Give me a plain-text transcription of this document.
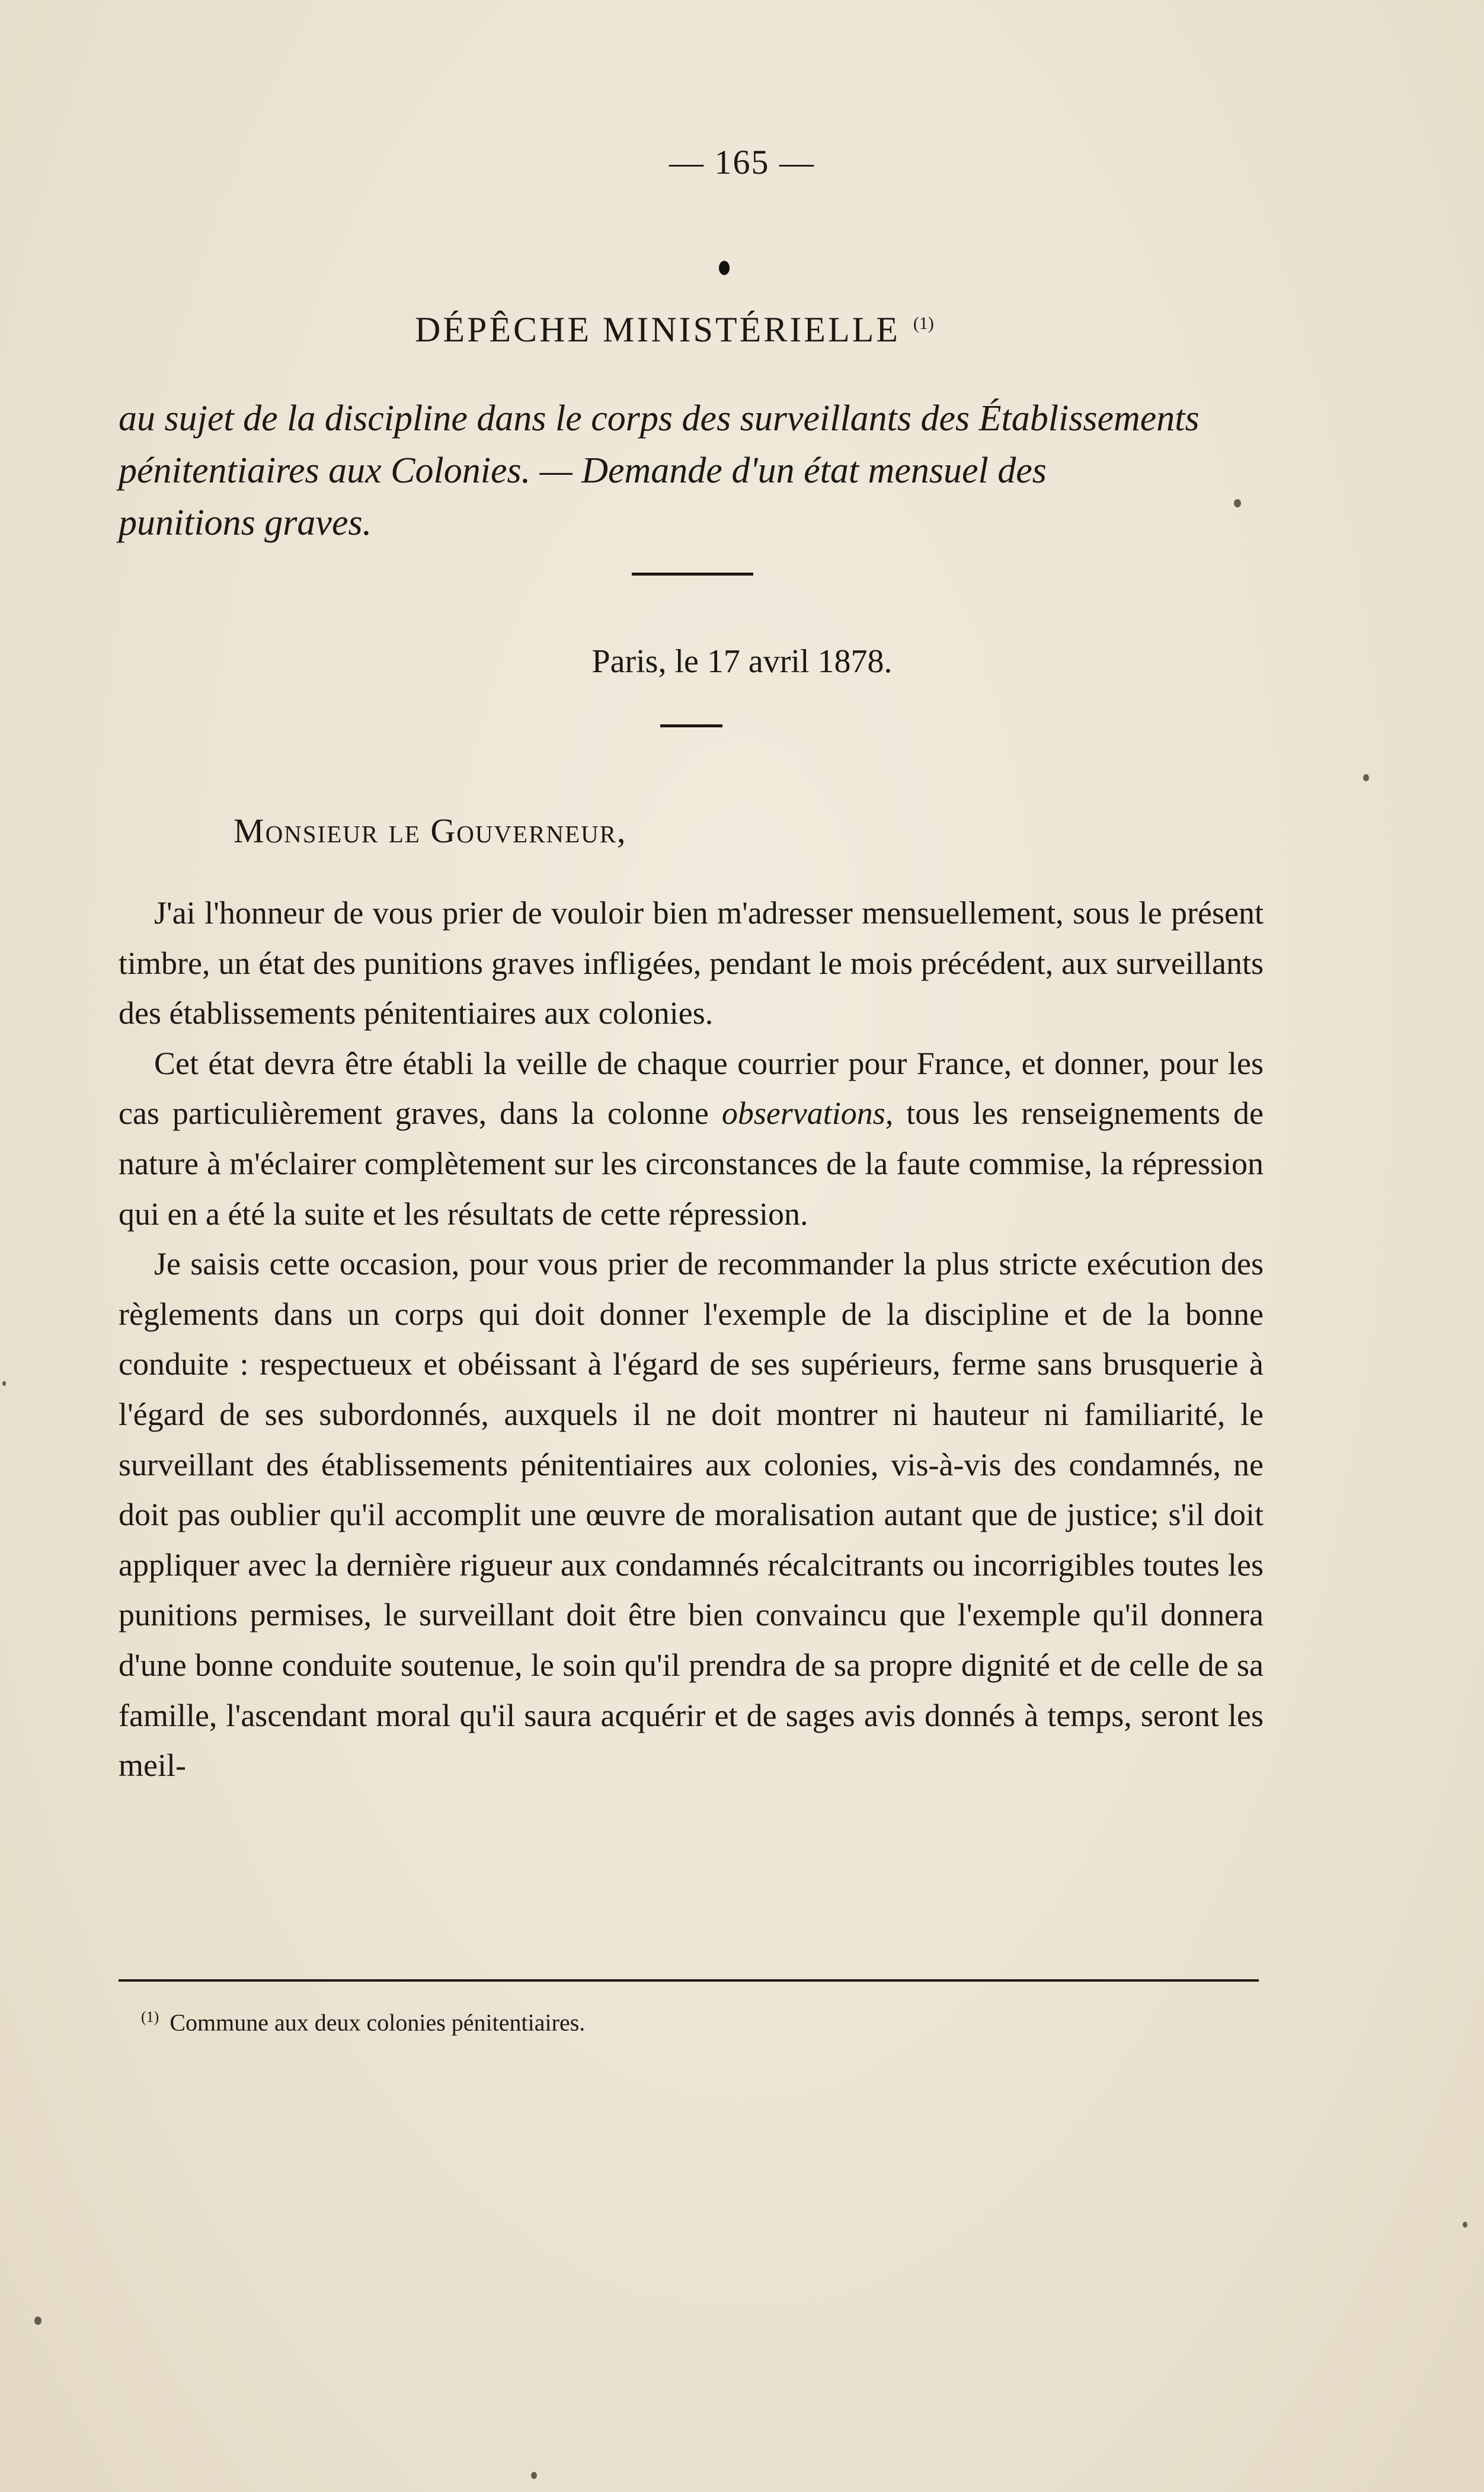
— 165 —
DÉPÊCHE MINISTÉRIELLE $^{(1)}$

au sujet de la discipline dans le corps des surveillants des Établissements

pénitentiaires aux Colonies. — Demande d'un état mensuel des

punitions graves.

Paris, le 17 avril 1878.
Monsieur le Gouverneur,

J'ai l'honneur de vous prier de vouloir bien m'adresser mensuellement, sous le présent timbre, un état des punitions graves infligées, pendant le mois précédent, aux surveillants des établissements pénitentiaires aux colonies.

Cet état devra être établi la veille de chaque courrier pour France, et donner, pour les cas particulièrement graves, dans la colonne observations, tous les renseignements de nature à m'éclairer complètement sur les circonstances de la faute commise, la répression qui en a été la suite et les résultats de cette répression.

Je saisis cette occasion, pour vous prier de recommander la plus stricte exécution des règlements dans un corps qui doit donner l'exemple de la discipline et de la bonne conduite : respectueux et obéissant à l'égard de ses supérieurs, ferme sans brusquerie à l'égard de ses subordonnés, auxquels il ne doit montrer ni hauteur ni familiarité, le surveillant des établissements pénitentiaires aux colonies, vis-à-vis des condamnés, ne doit pas oublier qu'il accomplit une œuvre de moralisation autant que de justice; s'il doit appliquer avec la dernière rigueur aux condamnés récalcitrants ou incorrigibles toutes les punitions permises, le surveillant doit être bien convaincu que l'exemple qu'il donnera d'une bonne conduite soutenue, le soin qu'il prendra de sa propre dignité et de celle de sa famille, l'ascendant moral qu'il saura acquérir et de sages avis donnés à temps, seront les meil-

$^{(1)}$ Commune aux deux colonies pénitentiaires.
